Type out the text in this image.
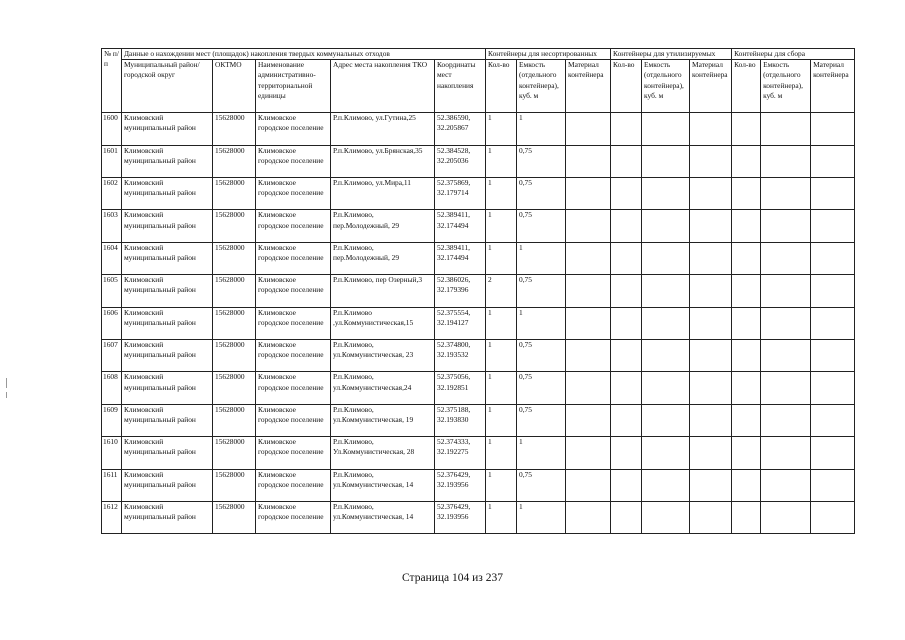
№ п/п	Данные о нахождении мест (площадок) накопления твердых коммунальных отходов					Контейнеры для несортированных			Контейнеры для утилизируемых			Контейнеры для сбора		
	Муниципальный район/городской округ	ОКТМО	Наименование административно-территориальной единицы	Адрес места накопления ТКО	Координаты мест накопления	Кол-во	Емкость (отдельного контейнера), куб. м	Материал контейнера	Кол-во	Емкость (отдельного контейнера), куб. м	Материал контейнера	Кол-во	Емкость (отдельного контейнера), куб. м	Материал контейнера
1600	Климовский муниципальный район	15628000	Климовское городское поселение	Р.п.Климово, ул.Гутина,25	52.386590, 32.205867	1	1							
1601	Климовский муниципальный район	15628000	Климовское городское поселение	Р.п.Климово, ул.Брянская,35	52.384528, 32.205036	1	0,75							
1602	Климовский муниципальный район	15628000	Климовское городское поселение	Р.п.Климово, ул.Мира,11	52.375869, 32.179714	1	0,75							
1603	Климовский муниципальный район	15628000	Климовское городское поселение	Р.п.Климово, пер.Молодежный, 29	52.389411, 32.174494	1	0,75							
1604	Климовский муниципальный район	15628000	Климовское городское поселение	Р.п.Климово, пер.Молодежный, 29	52.389411, 32.174494	1	1							
1605	Климовский муниципальный район	15628000	Климовское городское поселение	Р.п.Климово, пер Озерный,3	52.386026, 32.179396	2	0,75							
1606	Климовский муниципальный район	15628000	Климовское городское поселение	Р.п.Климово ,ул.Коммунистическая,15	52.375554, 32.194127	1	1							
1607	Климовский муниципальный район	15628000	Климовское городское поселение	Р.п.Климово, ул.Коммунистическая, 23	52.374800, 32.193532	1	0,75							
1608	Климовский муниципальный район	15628000	Климовское городское поселение	Р.п.Климово, ул.Коммунистическая,24	52.375056, 32.192851	1	0,75							
1609	Климовский муниципальный район	15628000	Климовское городское поселение	Р.п.Климово, ул.Коммунистическая, 19	52.375188, 32.193830	1	0,75							
1610	Климовский муниципальный район	15628000	Климовское городское поселение	Р.п.Климово, Ул.Коммунистическая, 28	52.374333, 32.192275	1	1							
1611	Климовский муниципальный район	15628000	Климовское городское поселение	Р.п.Климово, ул.Коммунистическая, 14	52.376429, 32.193956	1	0,75							
1612	Климовский муниципальный район	15628000	Климовское городское поселение	Р.п.Климово, ул.Коммунистическая, 14	52.376429, 32.193956	1	1							
Страница 104 из 237
